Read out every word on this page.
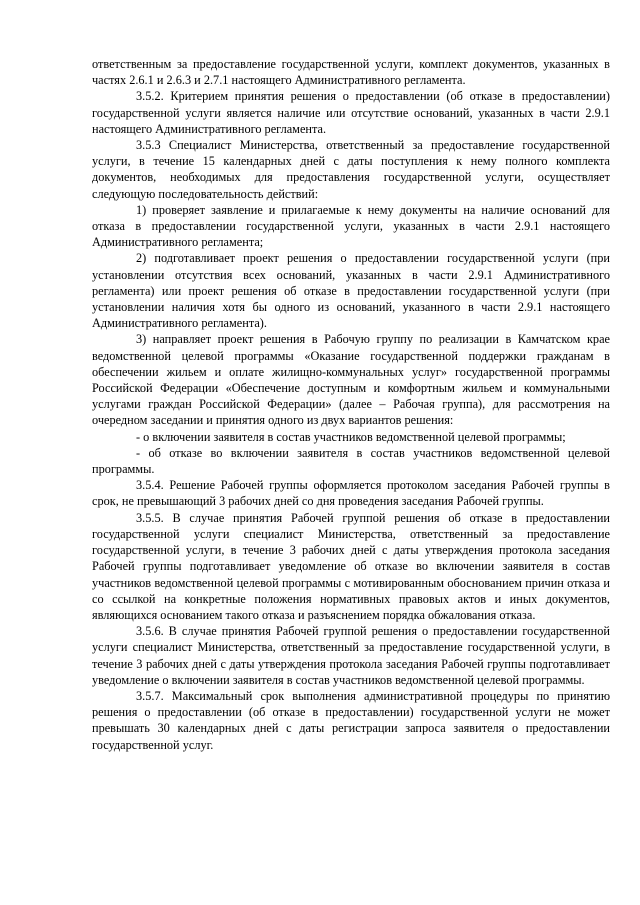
ответственным за предоставление государственной услуги, комплект документов, указанных в частях 2.6.1 и 2.6.3 и 2.7.1 настоящего Административного регламента.

3.5.2. Критерием принятия решения о предоставлении (об отказе в предоставлении) государственной услуги является наличие или отсутствие оснований, указанных в части 2.9.1 настоящего Административного регламента.

3.5.3 Специалист Министерства, ответственный за предоставление государственной услуги, в течение 15 календарных дней с даты поступления к нему полного комплекта документов, необходимых для предоставления государственной услуги, осуществляет следующую последовательность действий:

1) проверяет заявление и прилагаемые к нему документы на наличие оснований для отказа в предоставлении государственной услуги, указанных в части 2.9.1 настоящего Административного регламента;

2) подготавливает проект решения о предоставлении государственной услуги (при установлении отсутствия всех оснований, указанных в части 2.9.1 Административного регламента) или проект решения об отказе в предоставлении государственной услуги (при установлении наличия хотя бы одного из оснований, указанного в части 2.9.1 настоящего Административного регламента).

3) направляет проект решения в Рабочую группу по реализации в Камчатском крае ведомственной целевой программы «Оказание государственной поддержки гражданам в обеспечении жильем и оплате жилищно-коммунальных услуг» государственной программы Российской Федерации «Обеспечение доступным и комфортным жильем и коммунальными услугами граждан Российской Федерации» (далее – Рабочая группа), для рассмотрения на очередном заседании и принятия одного из двух вариантов решения:

- о включении заявителя в состав участников ведомственной целевой программы;

- об отказе во включении заявителя в состав участников ведомственной целевой программы.

3.5.4. Решение Рабочей группы оформляется протоколом заседания Рабочей группы в срок, не превышающий 3 рабочих дней со дня проведения заседания Рабочей группы.

3.5.5. В случае принятия Рабочей группой решения об отказе в предоставлении государственной услуги специалист Министерства, ответственный за предоставление государственной услуги, в течение 3 рабочих дней с даты утверждения протокола заседания Рабочей группы подготавливает уведомление об отказе во включении заявителя в состав участников ведомственной целевой программы с мотивированным обоснованием причин отказа и со ссылкой на конкретные положения нормативных правовых актов и иных документов, являющихся основанием такого отказа и разъяснением порядка обжалования отказа.

3.5.6. В случае принятия Рабочей группой решения о предоставлении государственной услуги специалист Министерства, ответственный за предоставление государственной услуги, в течение 3 рабочих дней с даты утверждения протокола заседания Рабочей группы подготавливает уведомление о включении заявителя в состав участников ведомственной целевой программы.

3.5.7. Максимальный срок выполнения административной процедуры по принятию решения о предоставлении (об отказе в предоставлении) государственной услуги не может превышать 30 календарных дней с даты регистрации запроса заявителя о предоставлении государственной услуг.
